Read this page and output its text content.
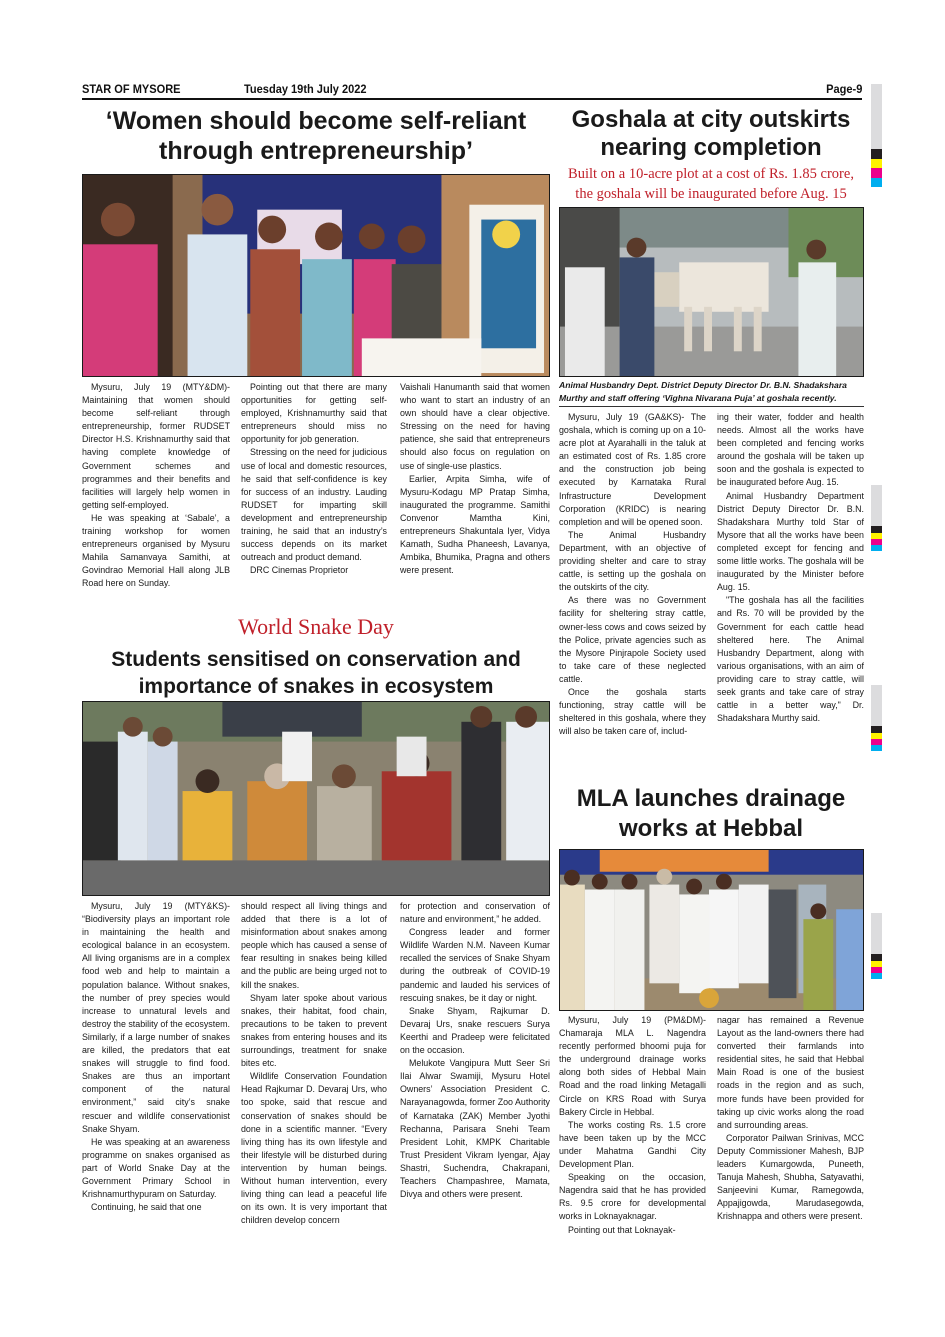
STAR OF MYSORE	Tuesday 19th July 2022	Page-9
‘Women should become self-reliant
through entrepreneurship’

Mysuru, July 19 (MTY&DM)- Maintaining that women should become self-reliant through entrepreneurship, former RUDSET Director H.S. Krishnamurthy said that having complete knowledge of Government schemes and programmes and their benefits and facilities will largely help women in getting self-employed.

He was speaking at ‘Sabale’, a training workshop for women entrepreneurs organised by Mysuru Mahila Samanvaya Samithi, at Govindrao Memorial Hall along JLB Road here on Sunday.

Pointing out that there are many opportunities for getting self-employed, Krishnamurthy said that entrepreneurs should miss no opportunity for job generation.

Stressing on the need for judicious use of local and domestic resources, he said that self-confidence is key for success of an industry. Lauding RUDSET for imparting skill development and entrepreneurship training, he said that an industry’s success depends on its market outreach and product demand.

DRC Cinemas Proprietor

Vaishali Hanumanth said that women who want to start an industry of an own should have a clear objective. Stressing on the need for having patience, she said that entrepreneurs should also focus on regulation on use of single-use plastics.

Earlier, Arpita Simha, wife of Mysuru-Kodagu MP Pratap Simha, inaugurated the programme. Samithi Convenor Mamtha Kini, entrepreneurs Shakuntala Iyer, Vidya Kamath, Sudha Phaneesh, Lavanya, Ambika, Bhumika, Pragna and others were present.

Goshala at city outskirts
nearing completion
Built on a 10-acre plot at a cost of Rs. 1.85 crore,
the goshala will be inaugurated before Aug. 15
Animal Husbandry Dept. District Deputy Director Dr. B.N. Shadakshara Murthy and staff offering ‘Vighna Nivarana Puja’ at goshala recently.

Mysuru, July 19 (GA&KS)- The goshala, which is coming up on a 10-acre plot at Ayarahalli in the taluk at an estimated cost of Rs. 1.85 crore and the construction job being executed by Karnataka Rural Infrastructure Development Corporation (KRIDC) is nearing completion and will be opened soon.

The Animal Husbandry Department, with an objective of providing shelter and care to stray cattle, is setting up the goshala on the outskirts of the city.

As there was no Government facility for sheltering stray cattle, owner-less cows and cows seized by the Police, private agencies such as the Mysore Pinjrapole Society used to take care of these neglected cattle.

Once the goshala starts functioning, stray cattle will be sheltered in this goshala, where they will also be taken care of, includ-

ing their water, fodder and health needs. Almost all the works have been completed and fencing works around the goshala will be taken up soon and the goshala is expected to be inaugurated before Aug. 15.

Animal Husbandry Department District Deputy Director Dr. B.N. Shadakshara Murthy told Star of Mysore that all the works have been completed except for fencing and some little works. The goshala will be inaugurated by the Minister before Aug. 15.

"The goshala has all the facilities and Rs. 70 will be provided by the Government for each cattle head sheltered here. The Animal Husbandry Department, along with various organisations, with an aim of providing care to stray cattle, will seek grants and take care of stray cattle in a better way," Dr. Shadakshara Murthy said.

World Snake Day
Students sensitised on conservation and
importance of snakes in ecosystem

Mysuru, July 19 (MTY&KS)- “Biodiversity plays an important role in maintaining the health and ecological balance in an ecosystem. All living organisms are in a complex food web and help to maintain a population balance. Without snakes, the number of prey species would increase to unnatural levels and destroy the stability of the ecosystem. Similarly, if a large number of snakes are killed, the predators that eat snakes will struggle to find food. Snakes are thus an important component of the natural environment,” said city’s snake rescuer and wildlife conservationist Snake Shyam.

He was speaking at an awareness programme on snakes organised as part of World Snake Day at the Government Primary School in Krishnamurthypuram on Saturday.

Continuing, he said that one

should respect all living things and added that there is a lot of misinformation about snakes among people which has caused a sense of fear resulting in snakes being killed and the public are being urged not to kill the snakes.

Shyam later spoke about various snakes, their habitat, food chain, precautions to be taken to prevent snakes from entering houses and its surroundings, treatment for snake bites etc.

Wildlife Conservation Foundation Head Rajkumar D. Devaraj Urs, who too spoke, said that rescue and conservation of snakes should be done in a scientific manner. “Every living thing has its own lifestyle and their lifestyle will be disturbed during intervention by human beings. Without human intervention, every living thing can lead a peaceful life on its own. It is very important that children develop concern

for protection and conservation of nature and environment,” he added.

Congress leader and former Wildlife Warden N.M. Naveen Kumar recalled the services of Snake Shyam during the outbreak of COVID-19 pandemic and lauded his services of rescuing snakes, be it day or night.

Snake Shyam, Rajkumar D. Devaraj Urs, snake rescuers Surya Keerthi and Pradeep were felicitated on the occasion.

Melukote Vangipura Mutt Seer Sri Ilai Alwar Swamiji, Mysuru Hotel Owners’ Association President C. Narayanagowda, former Zoo Authority of Karnataka (ZAK) Member Jyothi Rechanna, Parisara Snehi Team President Lohit, KMPK Charitable Trust President Vikram Iyengar, Ajay Shastri, Suchendra, Chakrapani, Teachers Champashree, Mamata, Divya and others were present.

MLA launches drainage
works at Hebbal

Mysuru, July 19 (PM&DM)- Chamaraja MLA L. Nagendra recently performed bhoomi puja for the underground drainage works along both sides of Hebbal Main Road and the road linking Metagalli Circle on KRS Road with Surya Bakery Circle in Hebbal.

The works costing Rs. 1.5 crore have been taken up by the MCC under Mahatma Gandhi City Development Plan.

Speaking on the occasion, Nagendra said that he has provided Rs. 9.5 crore for developmental works in Loknayaknagar.

Pointing out that Loknayak-

nagar has remained a Revenue Layout as the land-owners there had converted their farmlands into residential sites, he said that Hebbal Main Road is one of the busiest roads in the region and as such, more funds have been provided for taking up civic works along the road and surrounding areas.

Corporator Pailwan Srinivas, MCC Deputy Commissioner Mahesh, BJP leaders Kumargowda, Puneeth, Tanuja Mahesh, Shubha, Satyavathi, Sanjeevini Kumar, Ramegowda, Appajigowda, Marudasegowda, Krishnappa and others were present.
